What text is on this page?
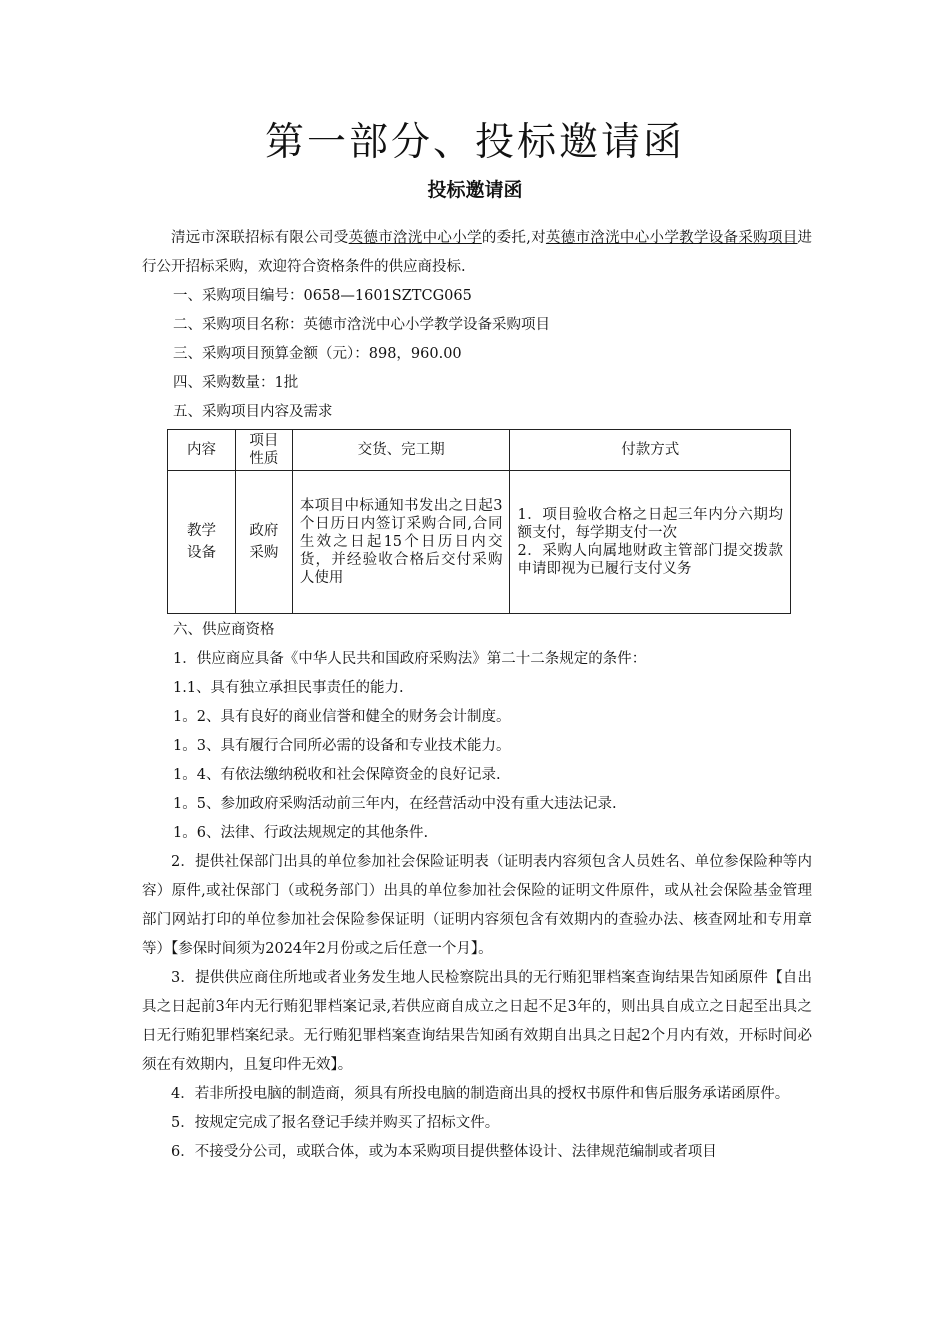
第一部分、投标邀请函
投标邀请函

清远市深联招标有限公司受英德市浛洸中心小学的委托,对英德市浛洸中心小学教学设备采购项目进行公开招标采购，欢迎符合资格条件的供应商投标.

一、采购项目编号：0658—1601SZTCG065

二、采购项目名称：英德市浛洸中心小学教学设备采购项目

三、采购项目预算金额（元）：898，960.00

四、采购数量：1批

五、采购项目内容及需求

内容	项目性质	交货、完工期	付款方式

教学设备	政府采购	本项目中标通知书发出之日起3个日历日内签订采购合同,合同生效之日起15个日历日内交货，并经验收合格后交付采购人使用	1．项目验收合格之日起三年内分六期均额支付，每学期支付一次
2．采购人向属地财政主管部门提交拨款申请即视为已履行支付义务

六、供应商资格

1．供应商应具备《中华人民共和国政府采购法》第二十二条规定的条件：

1.1、具有独立承担民事责任的能力.

1。2、具有良好的商业信誉和健全的财务会计制度。

1。3、具有履行合同所必需的设备和专业技术能力。

1。4、有依法缴纳税收和社会保障资金的良好记录.

1。5、参加政府采购活动前三年内，在经营活动中没有重大违法记录.

1。6、法律、行政法规规定的其他条件.

2．提供社保部门出具的单位参加社会保险证明表（证明表内容须包含人员姓名、单位参保险种等内容）原件,或社保部门（或税务部门）出具的单位参加社会保险的证明文件原件，或从社会保险基金管理部门网站打印的单位参加社会保险参保证明（证明内容须包含有效期内的查验办法、核查网址和专用章等）【参保时间须为2024年2月份或之后任意一个月】。

3．提供供应商住所地或者业务发生地人民检察院出具的无行贿犯罪档案查询结果告知函原件【自出具之日起前3年内无行贿犯罪档案记录,若供应商自成立之日起不足3年的，则出具自成立之日起至出具之日无行贿犯罪档案纪录。无行贿犯罪档案查询结果告知函有效期自出具之日起2个月内有效，开标时间必须在有效期内，且复印件无效】。

4．若非所投电脑的制造商，须具有所投电脑的制造商出具的授权书原件和售后服务承诺函原件。

5．按规定完成了报名登记手续并购买了招标文件。

6．不接受分公司，或联合体，或为本采购项目提供整体设计、法律规范编制或者项目
